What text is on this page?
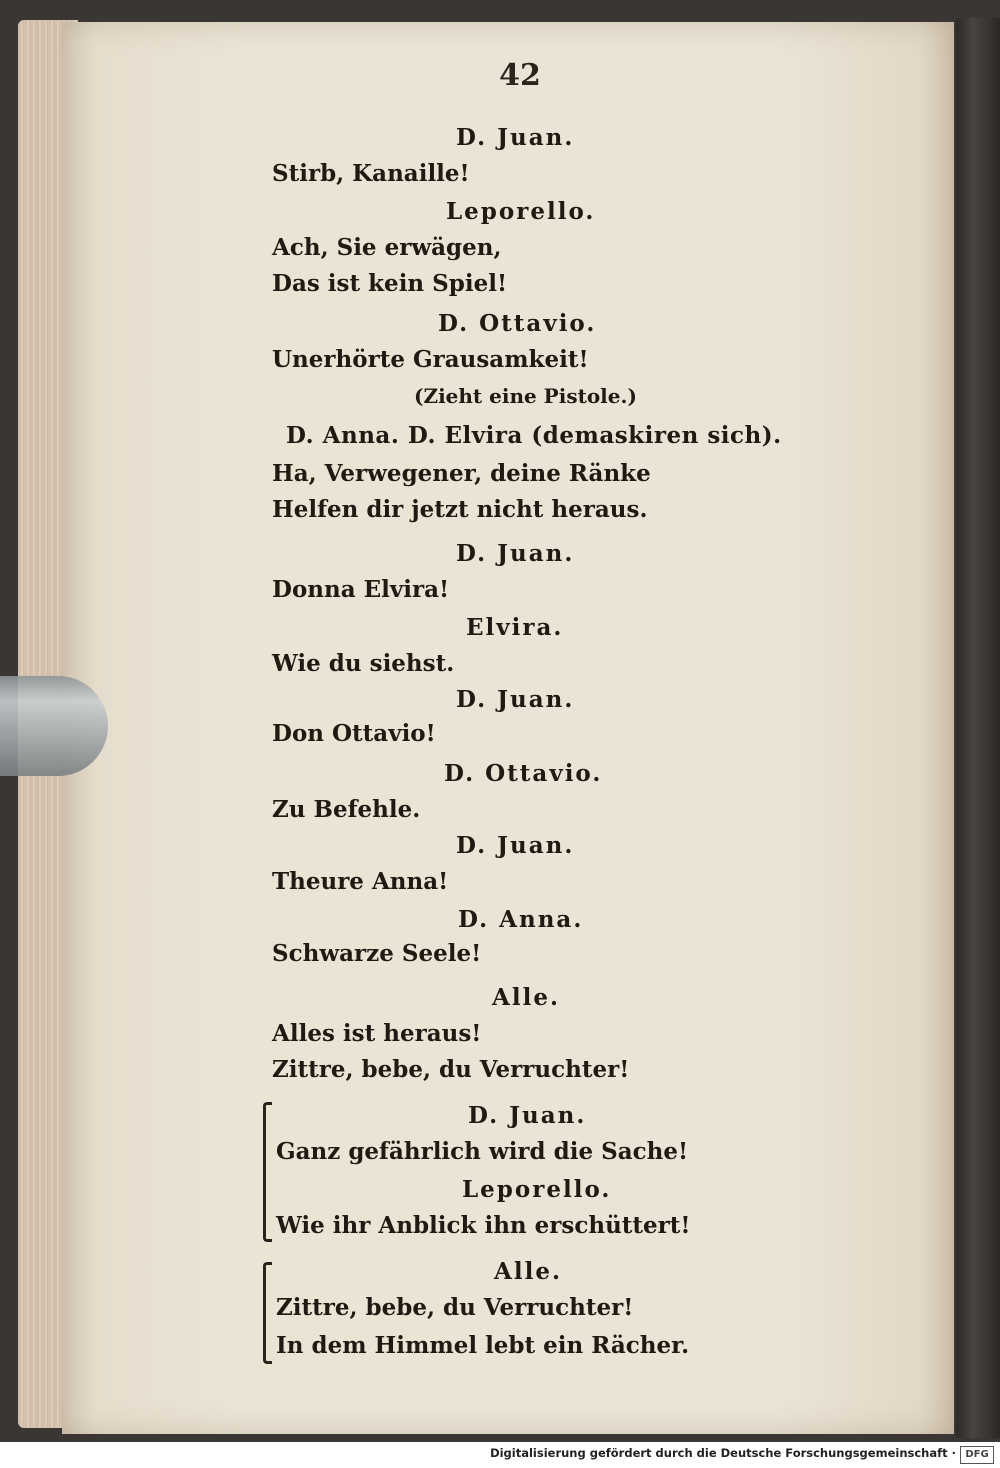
42
D. Juan.
Stirb, Kanaille!
Leporello.
Ach, Sie erwägen,
Das ist kein Spiel!
D. Ottavio.
Unerhörte Grausamkeit!
(Zieht eine Pistole.)
D. Anna. D. Elvira (demaskiren sich).
Ha, Verwegener, deine Ränke
Helfen dir jetzt nicht heraus.
D. Juan.
Donna Elvira!
Elvira.
Wie du siehst.
D. Juan.
Don Ottavio!
D. Ottavio.
Zu Befehle.
D. Juan.
Theure Anna!
D. Anna.
Schwarze Seele!
Alle.
Alles ist heraus!
Zittre, bebe, du Verruchter!
D. Juan.
Ganz gefährlich wird die Sache!
Leporello.
Wie ihr Anblick ihn erschüttert!
Alle.
Zittre, bebe, du Verruchter!
In dem Himmel lebt ein Rächer.
Digitalisierung gefördert durch die Deutsche Forschungsgemeinschaft · DFG
